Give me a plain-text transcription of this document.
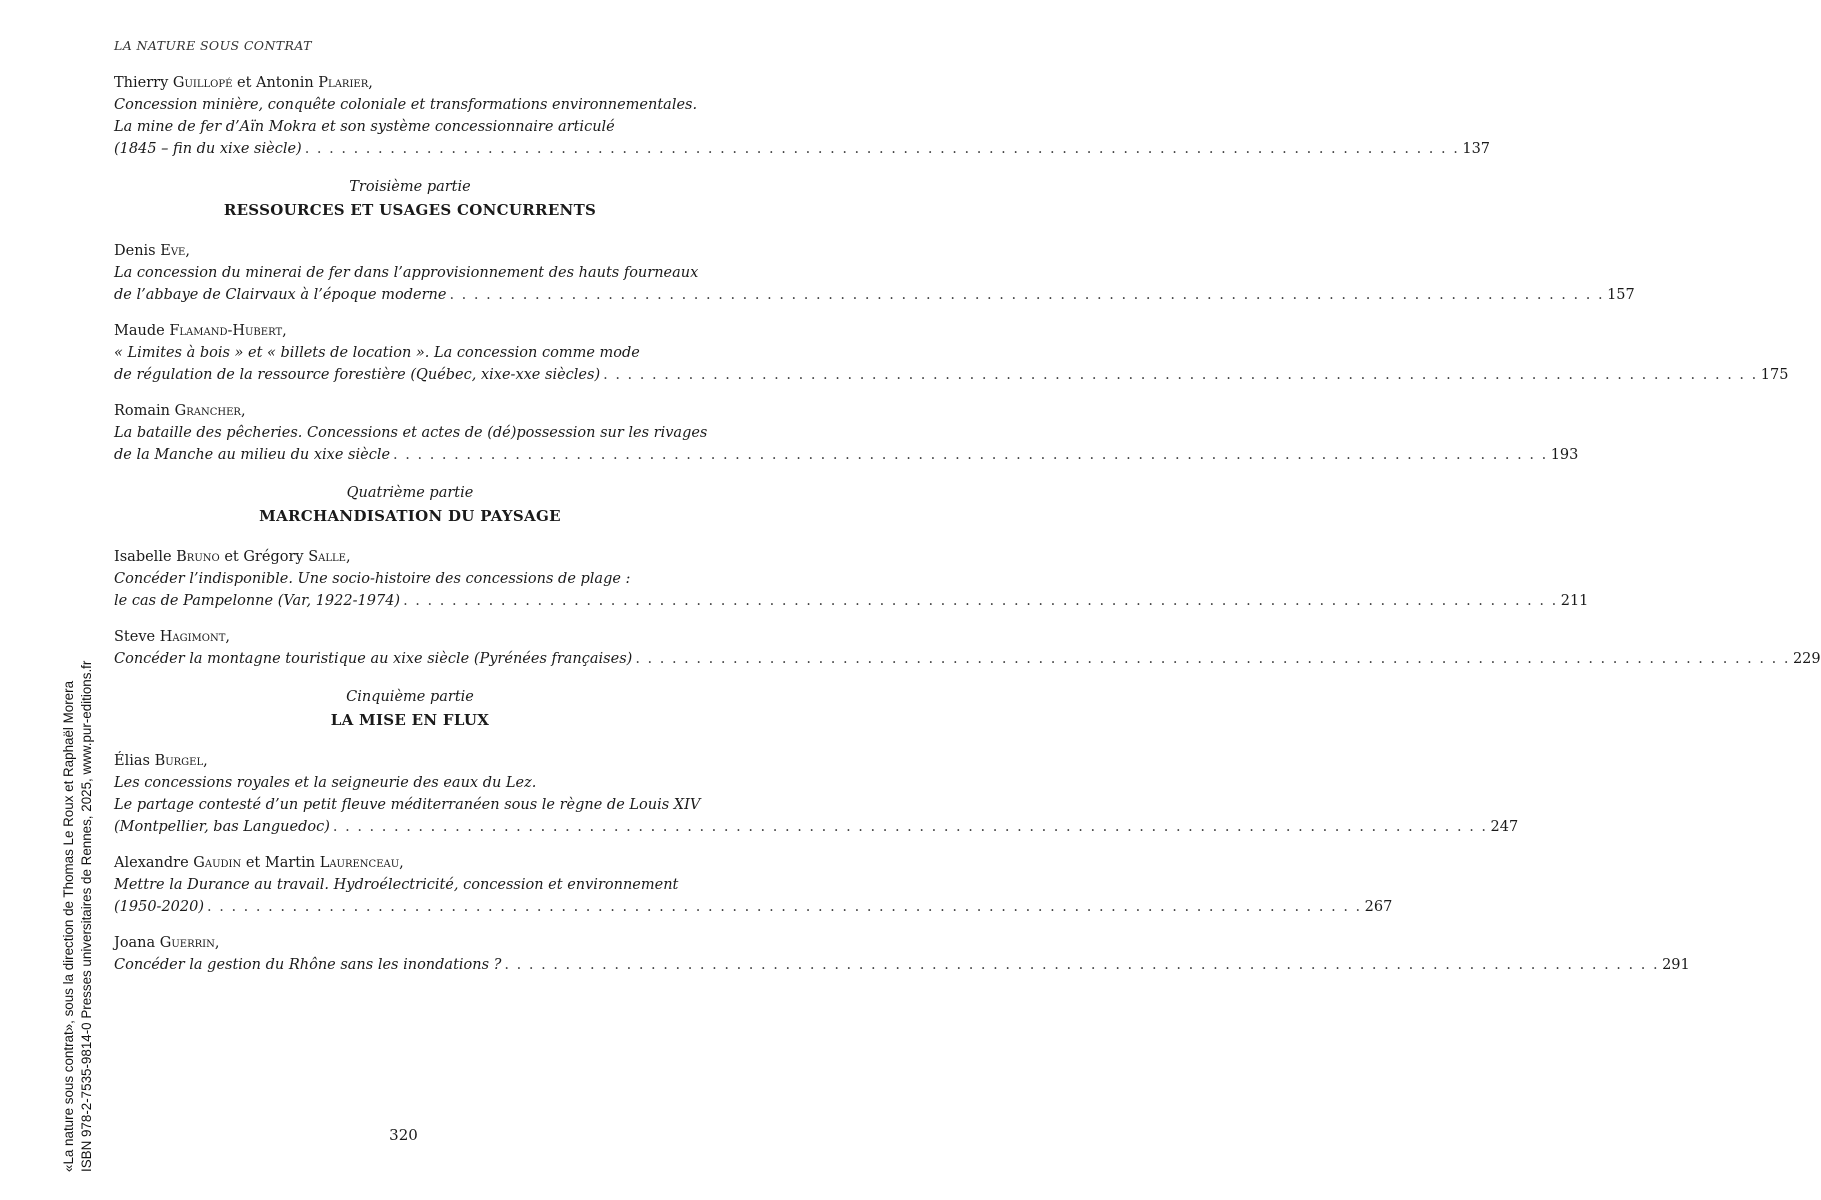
LA NATURE SOUS CONTRAT
Thierry Guillopé et Antonin Plarier,
Concession minière, conquête coloniale et transformations environnementales.
La mine de fer d’Aïn Mokra et son système concessionnaire articulé
(1845 – fin du xixe siècle) . . . . . . . . . . . . . . . . . . . . . . . . . . . . . . . . . . . . . . . . . . . . . . . . . . . . . . . . . . . . . . . . . . . . . . . . . . . . . . . . . . . . . . . . . . . . . . . 137
Troisième partie
RESSOURCES ET USAGES CONCURRENTS
Denis Eve,
La concession du minerai de fer dans l’approvisionnement des hauts fourneaux
de l’abbaye de Clairvaux à l’époque moderne . . . . . . . . . . . . . . . . . . . . . . . . . . . . . . . . . . . . . . . . . . . . . . . . . . . . . . . . . . . . . . . . . . . . . . . . . . . . . . . . . . . . . . . . . . . . . . . 157
Maude Flamand-Hubert,
« Limites à bois » et « billets de location ». La concession comme mode
de régulation de la ressource forestière (Québec, xixe-xxe siècles) . . . . . . . . . . . . . . . . . . . . . . . . . . . . . . . . . . . . . . . . . . . . . . . . . . . . . . . . . . . . . . . . . . . . . . . . . . . . . . . . . . . . . . . . . . . . . . . 175
Romain Grancher,
La bataille des pêcheries. Concessions et actes de (dé)possession sur les rivages
de la Manche au milieu du xixe siècle . . . . . . . . . . . . . . . . . . . . . . . . . . . . . . . . . . . . . . . . . . . . . . . . . . . . . . . . . . . . . . . . . . . . . . . . . . . . . . . . . . . . . . . . . . . . . . . 193
Quatrième partie
MARCHANDISATION DU PAYSAGE
Isabelle Bruno et Grégory Salle,
Concéder l’indisponible. Une socio-histoire des concessions de plage :
le cas de Pampelonne (Var, 1922-1974) . . . . . . . . . . . . . . . . . . . . . . . . . . . . . . . . . . . . . . . . . . . . . . . . . . . . . . . . . . . . . . . . . . . . . . . . . . . . . . . . . . . . . . . . . . . . . . . 211
Steve Hagimont,
Concéder la montagne touristique au xixe siècle (Pyrénées françaises) . . . . . . . . . . . . . . . . . . . . . . . . . . . . . . . . . . . . . . . . . . . . . . . . . . . . . . . . . . . . . . . . . . . . . . . . . . . . . . . . . . . . . . . . . . . . . . . 229
Cinquième partie
LA MISE EN FLUX
Élias Burgel,
Les concessions royales et la seigneurie des eaux du Lez.
Le partage contesté d’un petit fleuve méditerranéen sous le règne de Louis XIV
(Montpellier, bas Languedoc) . . . . . . . . . . . . . . . . . . . . . . . . . . . . . . . . . . . . . . . . . . . . . . . . . . . . . . . . . . . . . . . . . . . . . . . . . . . . . . . . . . . . . . . . . . . . . . . 247
Alexandre Gaudin et Martin Laurenceau,
Mettre la Durance au travail. Hydroélectricité, concession et environnement
(1950-2020) . . . . . . . . . . . . . . . . . . . . . . . . . . . . . . . . . . . . . . . . . . . . . . . . . . . . . . . . . . . . . . . . . . . . . . . . . . . . . . . . . . . . . . . . . . . . . . . 267
Joana Guerrin,
Concéder la gestion du Rhône sans les inondations ? . . . . . . . . . . . . . . . . . . . . . . . . . . . . . . . . . . . . . . . . . . . . . . . . . . . . . . . . . . . . . . . . . . . . . . . . . . . . . . . . . . . . . . . . . . . . . . . 291
320
«La nature sous contrat», sous la direction de Thomas Le Roux et Raphaël Morera ISBN 978-2-7535-9814-0 Presses universitaires de Rennes, 2025, www.pur-editions.fr
